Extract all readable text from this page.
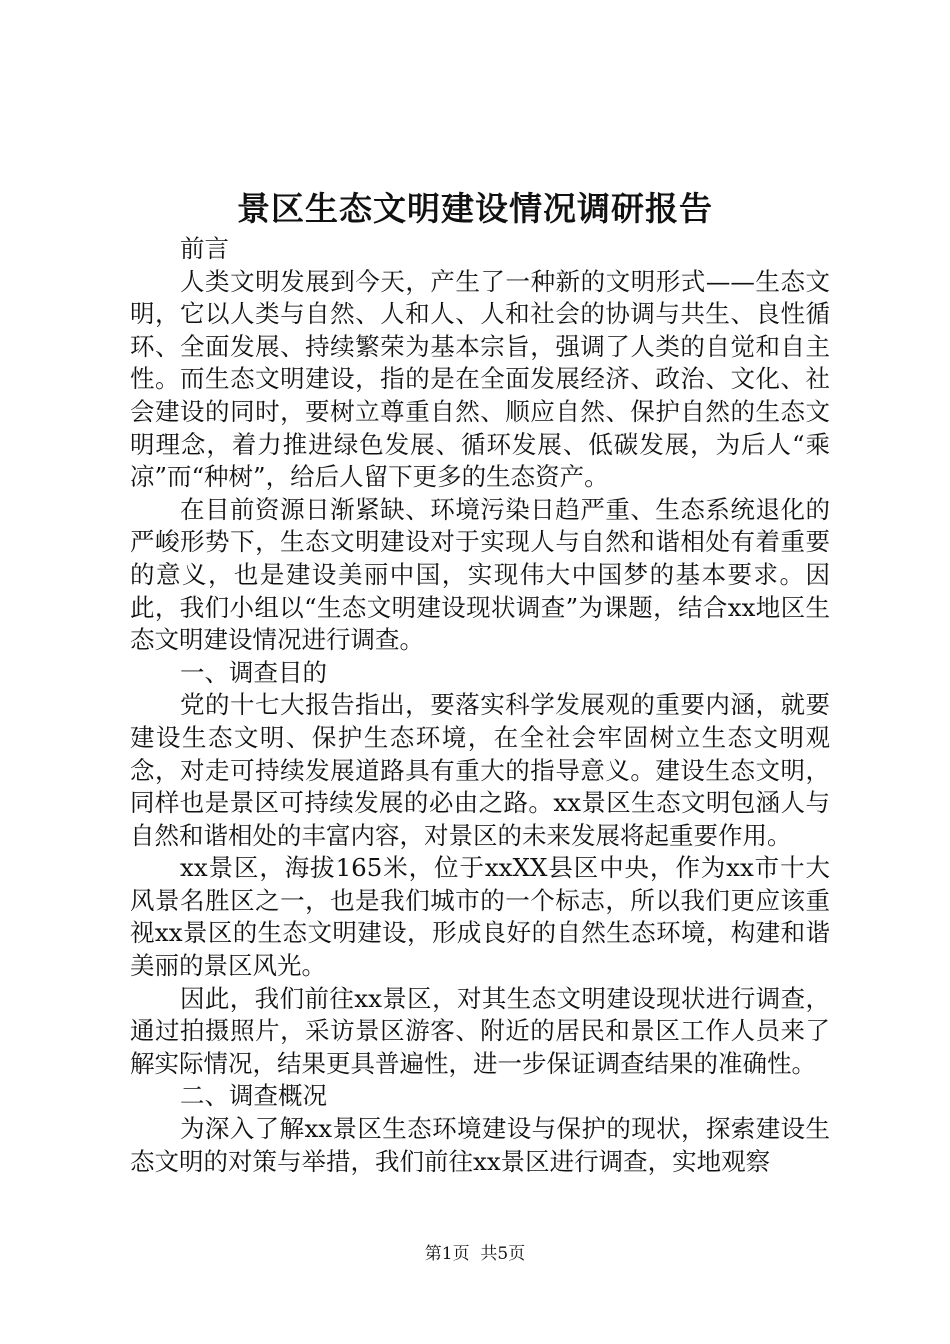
景区生态文明建设情况调研报告

前言

人类文明发展到今天，产生了一种新的文明形式——生态文明，它以人类与自然、人和人、人和社会的协调与共生、良性循环、全面发展、持续繁荣为基本宗旨，强调了人类的自觉和自主性。而生态文明建设，指的是在全面发展经济、政治、文化、社会建设的同时，要树立尊重自然、顺应自然、保护自然的生态文明理念，着力推进绿色发展、循环发展、低碳发展，为后人“乘凉”而“种树”，给后人留下更多的生态资产。

在目前资源日渐紧缺、环境污染日趋严重、生态系统退化的严峻形势下，生态文明建设对于实现人与自然和谐相处有着重要的意义，也是建设美丽中国，实现伟大中国梦的基本要求。因此，我们小组以“生态文明建设现状调查”为课题，结合xx地区生态文明建设情况进行调查。

一、调查目的

党的十七大报告指出，要落实科学发展观的重要内涵，就要建设生态文明、保护生态环境，在全社会牢固树立生态文明观念，对走可持续发展道路具有重大的指导意义。建设生态文明，同样也是景区可持续发展的必由之路。xx景区生态文明包涵人与自然和谐相处的丰富内容，对景区的未来发展将起重要作用。

xx景区，海拔165米，位于xxXX县区中央，作为xx市十大风景名胜区之一，也是我们城市的一个标志，所以我们更应该重视xx景区的生态文明建设，形成良好的自然生态环境，构建和谐美丽的景区风光。

因此，我们前往xx景区，对其生态文明建设现状进行调查，通过拍摄照片，采访景区游客、附近的居民和景区工作人员来了解实际情况，结果更具普遍性，进一步保证调查结果的准确性。

二、调查概况

为深入了解xx景区生态环境建设与保护的现状，探索建设生态文明的对策与举措，我们前往xx景区进行调查，实地观察

第1页 共5页
